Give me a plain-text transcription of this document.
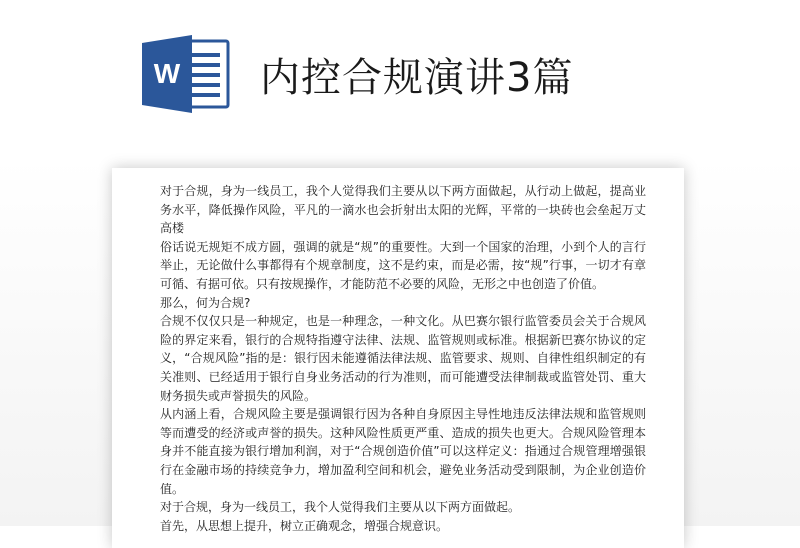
W 内控合规演讲3篇

对于合规，身为一线员工，我个人觉得我们主要从以下两方面做起，从行动上做起，提高业务水平，降低操作风险，平凡的一滴水也会折射出太阳的光辉，平常的一块砖也会垒起万丈高楼

俗话说无规矩不成方圆，强调的就是“规”的重要性。大到一个国家的治理，小到个人的言行举止，无论做什么事都得有个规章制度，这不是约束，而是必需，按“规”行事，一切才有章可循、有据可依。只有按规操作，才能防范不必要的风险，无形之中也创造了价值。

那么，何为合规?

合规不仅仅只是一种规定，也是一种理念，一种文化。从巴赛尔银行监管委员会关于合规风险的界定来看，银行的合规特指遵守法律、法规、监管规则或标准。根据新巴赛尔协议的定义，“合规风险”指的是：银行因未能遵循法律法规、监管要求、规则、自律性组织制定的有关准则、已经适用于银行自身业务活动的行为准则，而可能遭受法律制裁或监管处罚、重大财务损失或声誉损失的风险。

从内涵上看，合规风险主要是强调银行因为各种自身原因主导性地违反法律法规和监管规则等而遭受的经济或声誉的损失。这种风险性质更严重、造成的损失也更大。合规风险管理本身并不能直接为银行增加利润，对于“合规创造价值”可以这样定义：指通过合规管理增强银行在金融市场的持续竞争力，增加盈利空间和机会，避免业务活动受到限制，为企业创造价值。

对于合规，身为一线员工，我个人觉得我们主要从以下两方面做起。

首先，从思想上提升，树立正确观念，增强合规意识。
